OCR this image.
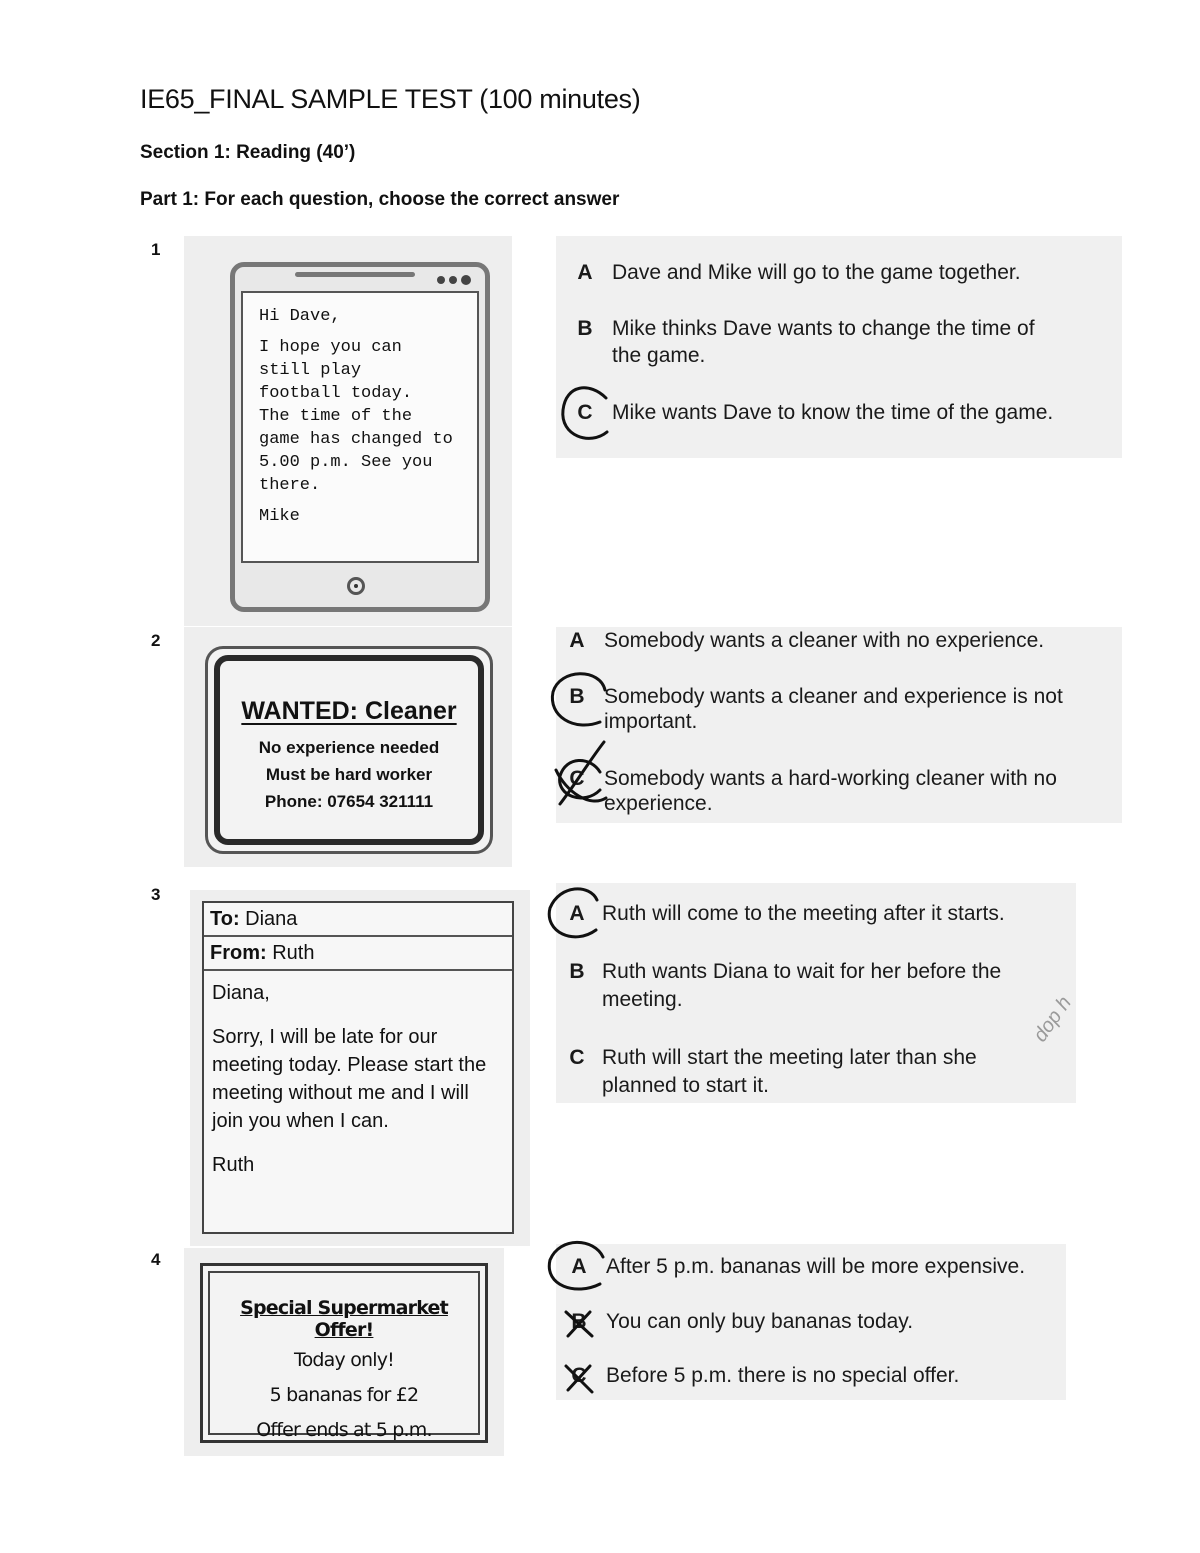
IE65_FINAL SAMPLE TEST (100 minutes)
Section 1: Reading (40’)
Part 1: For each question, choose the correct answer
1

Hi Dave,

I hope you can
still play
football today.
The time of the
game has changed to
5.00 p.m. See you
there.

Mike

A Dave and Mike will go to the game together.
B Mike thinks Dave wants to change the time of
the game.
C Mike wants Dave to know the time of the game.
2
WANTED: Cleaner
No experience needed
Must be hard worker
Phone: 07654 321111
A Somebody wants a cleaner with no experience.
B Somebody wants a cleaner and experience is not
important.
C Somebody wants a hard-working cleaner with no
experience.
3
To: Diana
From: Ruth

Diana,

Sorry, I will be late for our meeting today. Please start the meeting without me and I will join you when I can.

Ruth

A Ruth will come to the meeting after it starts.
B Ruth wants Diana to wait for her before the
meeting.
C Ruth will start the meeting later than she
planned to start it.
dop h
4
Special Supermarket Offer!
Today only!
5 bananas for £2
Offer ends at 5 p.m.
A After 5 p.m. bananas will be more expensive.
B You can only buy bananas today.
C Before 5 p.m. there is no special offer.
